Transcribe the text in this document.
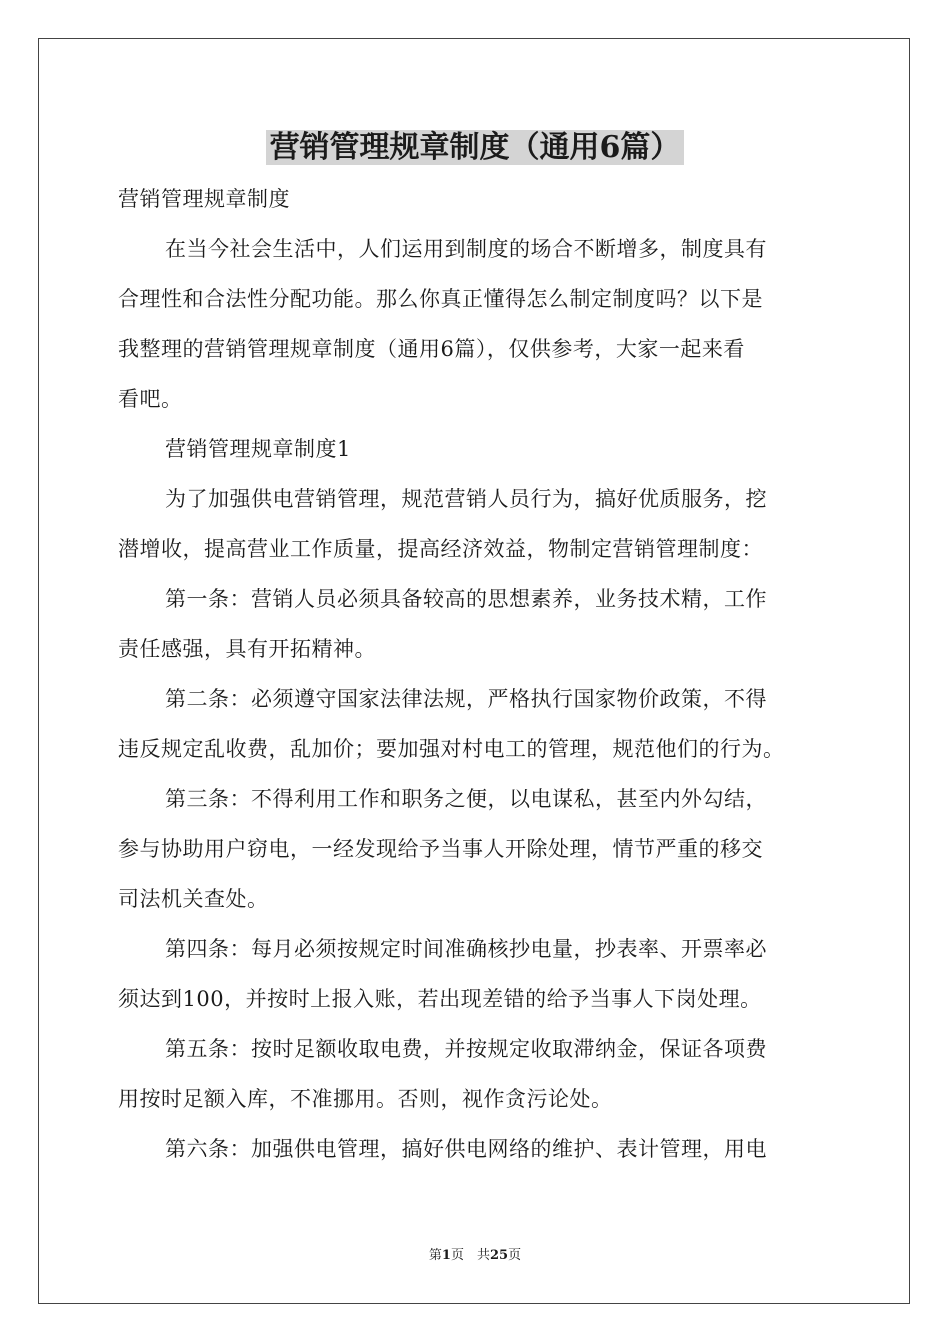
营销管理规章制度（通用6篇）
营销管理规章制度
在当今社会生活中，人们运用到制度的场合不断增多，制度具有
合理性和合法性分配功能。那么你真正懂得怎么制定制度吗？以下是
我整理的营销管理规章制度（通用6篇），仅供参考，大家一起来看
看吧。
营销管理规章制度1
为了加强供电营销管理，规范营销人员行为，搞好优质服务，挖
潜增收，提高营业工作质量，提高经济效益，物制定营销管理制度：
第一条：营销人员必须具备较高的思想素养，业务技术精，工作
责任感强，具有开拓精神。
第二条：必须遵守国家法律法规，严格执行国家物价政策，不得
违反规定乱收费，乱加价；要加强对村电工的管理，规范他们的行为。
第三条：不得利用工作和职务之便，以电谋私，甚至内外勾结，
参与协助用户窃电，一经发现给予当事人开除处理，情节严重的移交
司法机关查处。
第四条：每月必须按规定时间准确核抄电量，抄表率、开票率必
须达到100，并按时上报入账，若出现差错的给予当事人下岗处理。
第五条：按时足额收取电费，并按规定收取滞纳金，保证各项费
用按时足额入库，不准挪用。否则，视作贪污论处。
第六条：加强供电管理，搞好供电网络的维护、表计管理，用电
第1页　共25页
